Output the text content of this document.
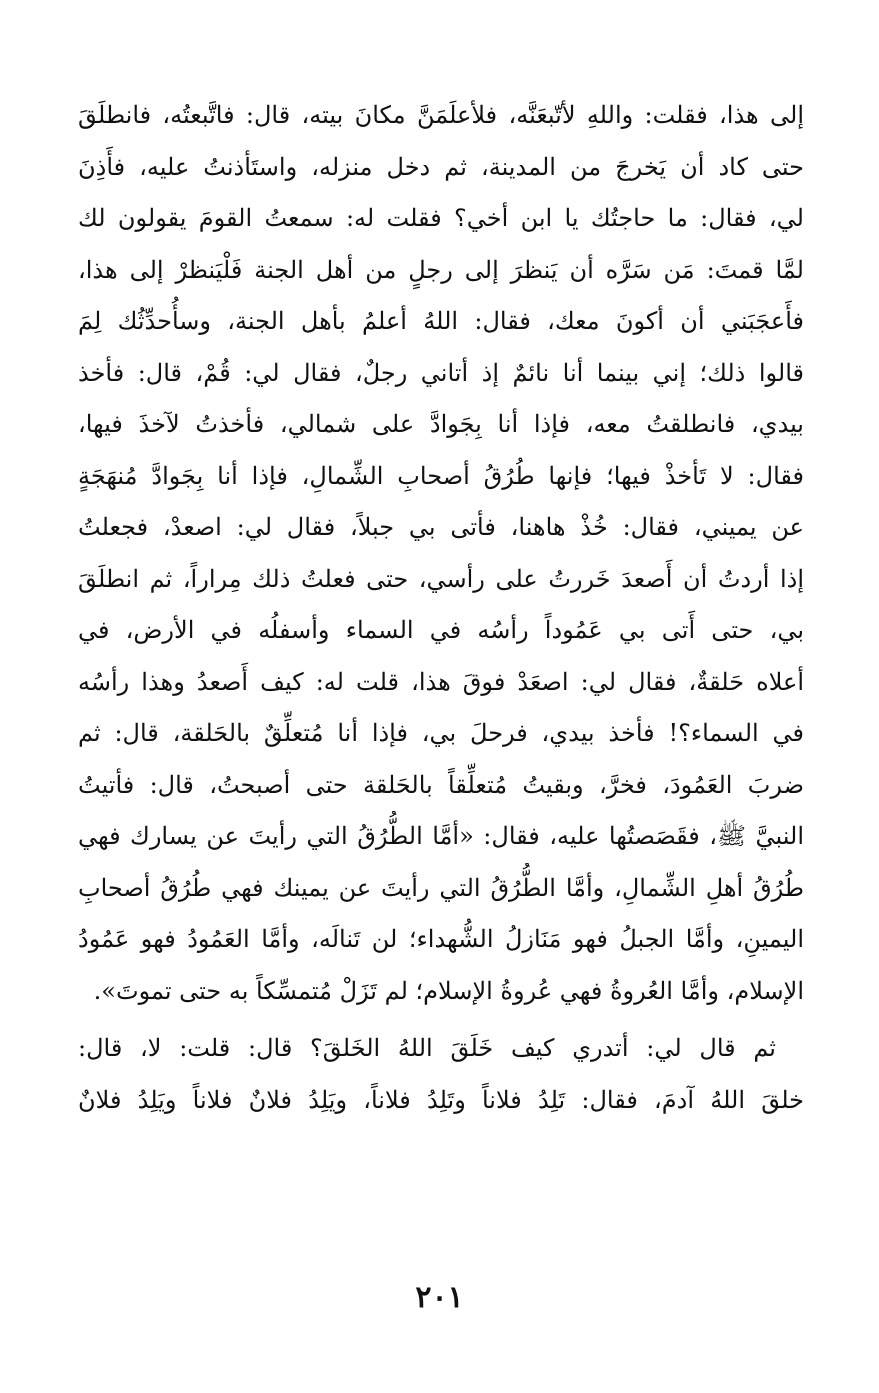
إلى هذا، فقلت: واللهِ لأتّبعَنَّه، فلأعلَمَنَّ مكانَ بيته، قال: فاتَّبعتُه، فانطلَقَ
حتى كاد أن يَخرجَ من المدينة، ثم دخل منزله، واستَأذنتُ عليه، فأَذِنَ
لي، فقال: ما حاجتُك يا ابن أخي؟ فقلت له: سمعتُ القومَ يقولون لك
لمَّا قمتَ: مَن سَرَّه أن يَنظرَ إلى رجلٍ من أهل الجنة فَلْيَنظرْ إلى هذا،
فأَعجَبَني أن أكونَ معك، فقال: اللهُ أعلمُ بأهل الجنة، وسأُحدِّثُك لِمَ
قالوا ذلك؛ إني بينما أنا نائمٌ إذ أتاني رجلٌ، فقال لي: قُمْ، قال: فأخذ
بيدي، فانطلقتُ معه، فإذا أنا بِجَوادَّ على شمالي، فأخذتُ لآخذَ فيها،
فقال: لا تَأخذْ فيها؛ فإنها طُرُقُ أصحابِ الشِّمالِ، فإذا أنا بِجَوادَّ مُنهَجَةٍ
عن يميني، فقال: خُذْ هاهنا، فأتى بي جبلاً، فقال لي: اصعدْ، فجعلتُ
إذا أردتُ أن أَصعدَ خَررتُ على رأسي، حتى فعلتُ ذلك مِراراً، ثم انطلَقَ
بي، حتى أَتى بي عَمُوداً رأسُه في السماء وأسفلُه في الأرض، في
أعلاه حَلقةٌ، فقال لي: اصعَدْ فوقَ هذا، قلت له: كيف أَصعدُ وهذا رأسُه
في السماء؟! فأخذ بيدي، فرحلَ بي، فإذا أنا مُتعلِّقٌ بالحَلقة، قال: ثم
ضربَ العَمُودَ، فخرَّ، وبقيتُ مُتعلِّقاً بالحَلقة حتى أصبحتُ، قال: فأتيتُ
النبيَّ ﷺ، فقَصَصتُها عليه، فقال: «أمَّا الطُّرُقُ التي رأيتَ عن يسارك فهي
طُرُقُ أهلِ الشِّمالِ، وأمَّا الطُّرُقُ التي رأيتَ عن يمينك فهي طُرُقُ أصحابِ
اليمينِ، وأمَّا الجبلُ فهو مَنَازلُ الشُّهداء؛ لن تَنالَه، وأمَّا العَمُودُ فهو عَمُودُ
الإسلام، وأمَّا العُروةُ فهي عُروةُ الإسلام؛ لم تَزَلْ مُتمسِّكاً به حتى تموتَ».
ثم قال لي: أتدري كيف خَلَقَ اللهُ الخَلقَ؟ قال: قلت: لا، قال:
خلقَ اللهُ آدمَ، فقال: تَلِدُ فلاناً وتَلِدُ فلاناً، ويَلِدُ فلانٌ فلاناً ويَلِدُ فلانٌ
٢٠١
